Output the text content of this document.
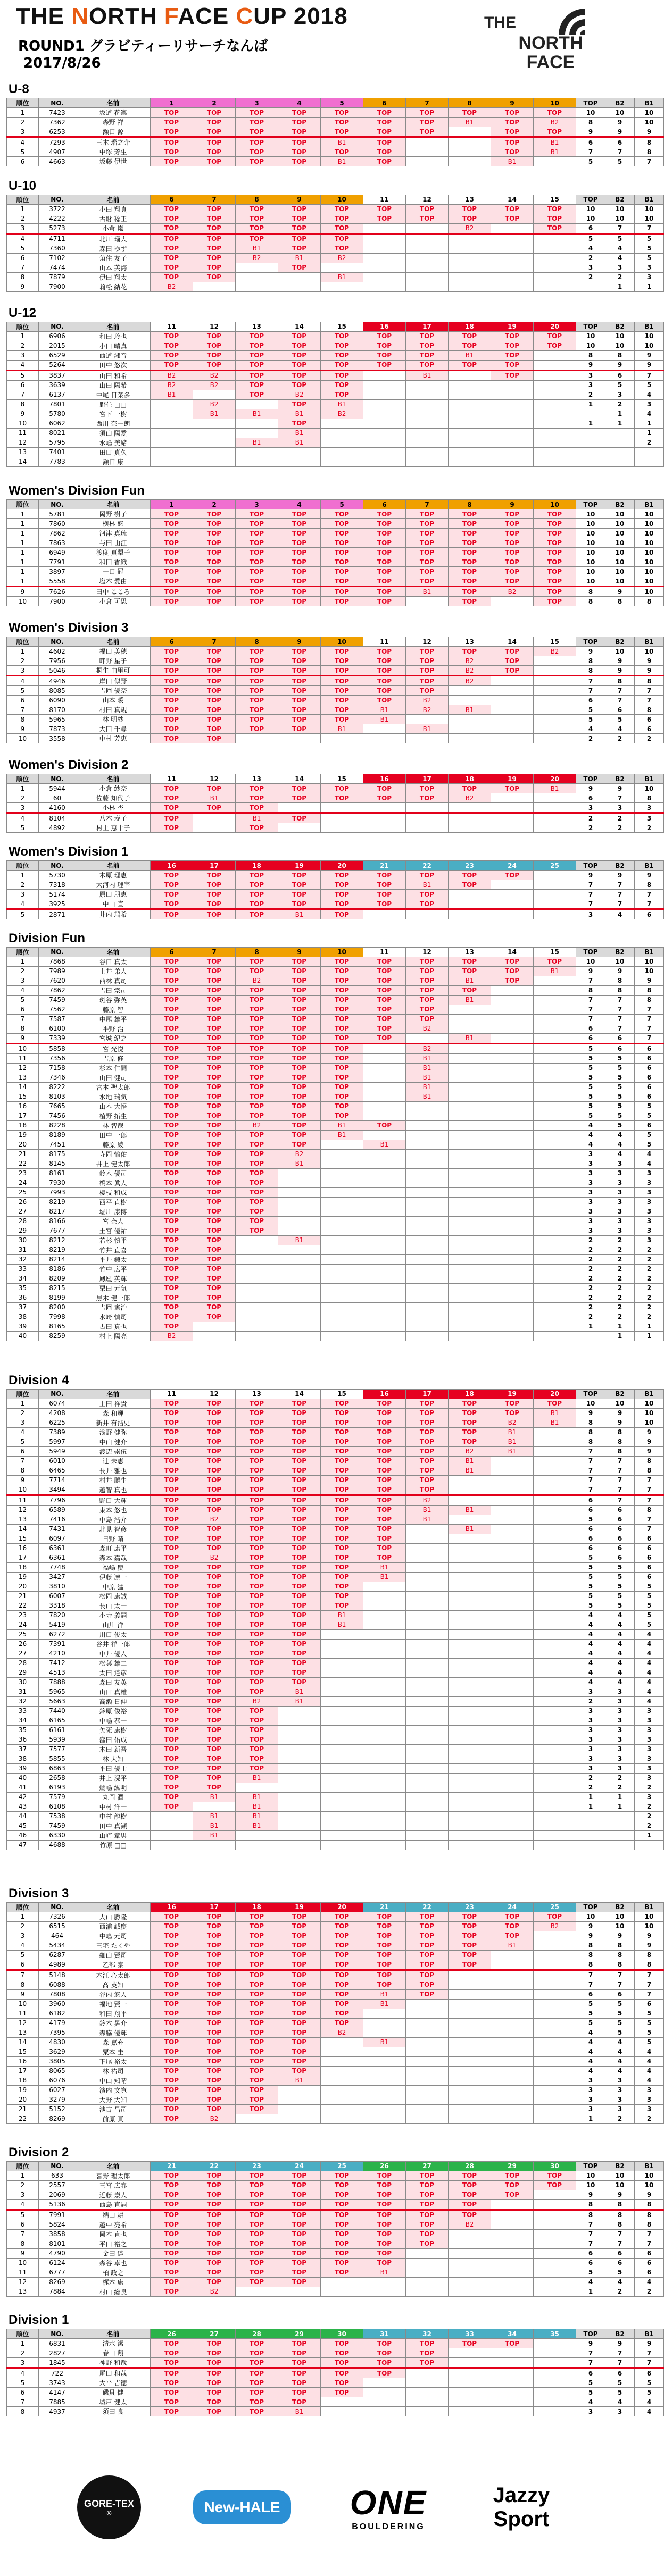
THE NORTH FACE CUP 2018
ROUND1 グラビティーリサーチなんば
2017/8/26
THE
NORTH
FACE
U-8
順位	NO.	名前	1	2	3	4	5	6	7	8	9	10	TOP	B2	B1
1	7423	坂道 花凜	TOP	TOP	TOP	TOP	TOP	TOP	TOP	TOP	TOP	TOP	10	10	10
2	7362	森野 祥	TOP	TOP	TOP	TOP	TOP	TOP	TOP	B1	TOP	B2	8	9	10
3	6253	瀬口 源	TOP	TOP	TOP	TOP	TOP	TOP	TOP		TOP	TOP	9	9	9
4	7293	三木 瑠之介	TOP	TOP	TOP	TOP	B1	TOP			TOP	B1	6	6	8
5	4907	中塚 芳生	TOP	TOP	TOP	TOP	TOP	TOP			TOP	B1	7	7	8
6	4663	坂藤 伊世	TOP	TOP	TOP	TOP	B1	TOP			B1		5	5	7
U-10
順位	NO.	名前	6	7	8	9	10	11	12	13	14	15	TOP	B2	B1
1	3722	小田 翔真	TOP	TOP	TOP	TOP	TOP	TOP	TOP	TOP	TOP	TOP	10	10	10
2	4222	古財 稔王	TOP	TOP	TOP	TOP	TOP	TOP	TOP	TOP	TOP	TOP	10	10	10
3	5273	小倉 嵐	TOP	TOP	TOP	TOP	TOP			B2		TOP	6	7	7
4	4711	北川 瑠大	TOP	TOP	TOP	TOP	TOP						5	5	5
5	7360	森田 ゆず	TOP	TOP	B1	TOP	TOP						4	4	5
6	7102	角住 友子	TOP	TOP	B2	B1	B2						2	4	5
7	7474	山本 芙海	TOP	TOP		TOP							3	3	3
8	7879	伊田 翔太	TOP	TOP			B1						2	2	3
9	7900	莉松 結花	B2											1	1
U-12
順位	NO.	名前	11	12	13	14	15	16	17	18	19	20	TOP	B2	B1
1	6906	和田 玲也	TOP	TOP	TOP	TOP	TOP	TOP	TOP	TOP	TOP	TOP	10	10	10
2	2015	小田 晴真	TOP	TOP	TOP	TOP	TOP	TOP	TOP	TOP	TOP	TOP	10	10	10
3	6529	西道 湘音	TOP	TOP	TOP	TOP	TOP	TOP	TOP	B1	TOP		8	8	9
4	5264	田中 悠次	TOP	TOP	TOP	TOP	TOP	TOP	TOP	TOP	TOP		9	9	9
5	3837	山田 和希	B2	B2	TOP	TOP	TOP		B1		TOP		3	6	7
6	3639	山田 陽希	B2	B2	TOP	TOP	TOP						3	5	5
7	6137	中尾 日菜多	B1		TOP	B2	TOP						2	3	4
8	7801	野住 □□		B2		TOP	B1						1	2	3
9	5780	宮下 一樹		B1	B1	B1	B2							1	4
10	6062	西川 奈一朗				TOP							1	1	1
11	8021	須山 陽愛				B1									1
12	5795	水嶋 美緒			B1	B1									2
13	7401	田口 真久													
14	7783	瀬口 康													
Women's Division Fun
順位	NO.	名前	1	2	3	4	5	6	7	8	9	10	TOP	B2	B1
1	5781	岡野 樹子	TOP	TOP	TOP	TOP	TOP	TOP	TOP	TOP	TOP	TOP	10	10	10
1	7860	横林 悠	TOP	TOP	TOP	TOP	TOP	TOP	TOP	TOP	TOP	TOP	10	10	10
1	7862	河津 真琉	TOP	TOP	TOP	TOP	TOP	TOP	TOP	TOP	TOP	TOP	10	10	10
1	7863	与田 由江	TOP	TOP	TOP	TOP	TOP	TOP	TOP	TOP	TOP	TOP	10	10	10
1	6949	渡度 真梨子	TOP	TOP	TOP	TOP	TOP	TOP	TOP	TOP	TOP	TOP	10	10	10
1	7791	和田 香織	TOP	TOP	TOP	TOP	TOP	TOP	TOP	TOP	TOP	TOP	10	10	10
1	3897	一口 冠	TOP	TOP	TOP	TOP	TOP	TOP	TOP	TOP	TOP	TOP	10	10	10
1	5558	塩木 愛由	TOP	TOP	TOP	TOP	TOP	TOP	TOP	TOP	TOP	TOP	10	10	10
9	7626	田中 こころ	TOP	TOP	TOP	TOP	TOP	TOP	B1	TOP	B2	TOP	8	9	10
10	7900	小倉 可思	TOP	TOP	TOP	TOP	TOP	TOP		TOP		TOP	8	8	8
Women's Division 3
順位	NO.	名前	6	7	8	9	10	11	12	13	14	15	TOP	B2	B1
1	4602	福田 美穂	TOP	TOP	TOP	TOP	TOP	TOP	TOP	TOP	TOP	B2	9	10	10
2	7956	畔野 星子	TOP	TOP	TOP	TOP	TOP	TOP	TOP	B2	TOP		8	9	9
3	5046	桐生 由里可	TOP	TOP	TOP	TOP	TOP	TOP	TOP	B2	TOP		8	9	9
4	4946	岸田 似野	TOP	TOP	TOP	TOP	TOP	TOP	TOP	B2			7	8	8
5	8085	吉岡 優奈	TOP	TOP	TOP	TOP	TOP	TOP	TOP				7	7	7
6	6090	山本 暖	TOP	TOP	TOP	TOP	TOP	TOP	B2				6	7	7
7	8170	村田 真規	TOP	TOP	TOP	TOP	TOP	B1	B2	B1			5	6	8
8	5965	林 明紗	TOP	TOP	TOP	TOP	TOP	B1					5	5	6
9	7873	大田 千尋	TOP	TOP	TOP	TOP	B1		B1				4	4	6
10	3558	中村 芳恵	TOP	TOP									2	2	2
Women's Division 2
順位	NO.	名前	11	12	13	14	15	16	17	18	19	20	TOP	B2	B1
1	5944	小倉 紗奈	TOP	TOP	TOP	TOP	TOP	TOP	TOP	TOP	TOP	B1	9	9	10
2	60	佐藤 知代子	TOP	B1	TOP	TOP	TOP	TOP	TOP	B2			6	7	8
3	4160	小林 杏	TOP	TOP	TOP								3	3	3
4	8104	八木 寿子	TOP		B1	TOP							2	2	3
5	4892	村上 恵十子	TOP		TOP								2	2	2
Women's Division 1
順位	NO.	名前	16	17	18	19	20	21	22	23	24	25	TOP	B2	B1
1	5730	木原 理恵	TOP	TOP	TOP	TOP	TOP	TOP	TOP	TOP	TOP		9	9	9
2	7318	大河内 理宰	TOP	TOP	TOP	TOP	TOP	TOP	B1	TOP			7	7	8
3	5174	原田 朋恵	TOP	TOP	TOP	TOP	TOP	TOP	TOP				7	7	7
4	3925	中山 直	TOP	TOP	TOP	TOP	TOP	TOP	TOP				7	7	7
5	2871	井内 瑞希	TOP	TOP	TOP	B1	TOP						3	4	6
Division Fun
順位	NO.	名前	6	7	8	9	10	11	12	13	14	15	TOP	B2	B1
1	7868	谷口 真太	TOP	TOP	TOP	TOP	TOP	TOP	TOP	TOP	TOP	TOP	10	10	10
2	7989	上井 弟人	TOP	TOP	TOP	TOP	TOP	TOP	TOP	TOP	TOP	B1	9	9	10
3	7620	西林 真司	TOP	TOP	B2	TOP	TOP	TOP	TOP	B1	TOP		7	8	9
4	7862	吉田 宗司	TOP	TOP	TOP	TOP	TOP	TOP	TOP	TOP			8	8	8
5	7459	斑谷 弥英	TOP	TOP	TOP	TOP	TOP	TOP	TOP	B1			7	7	8
6	7562	藤原 智	TOP	TOP	TOP	TOP	TOP	TOP	TOP				7	7	7
7	7587	中尾 雄平	TOP	TOP	TOP	TOP	TOP	TOP	TOP				7	7	7
8	6100	平野 治	TOP	TOP	TOP	TOP	TOP	TOP	B2				6	7	7
9	7339	宮城 紀之	TOP	TOP	TOP	TOP	TOP	TOP		B1			6	6	7
10	5858	宮 光悦	TOP	TOP	TOP	TOP	TOP		B2				5	6	6
11	7356	吉原 修	TOP	TOP	TOP	TOP	TOP		B1				5	5	6
12	7158	杉本 仁嗣	TOP	TOP	TOP	TOP	TOP		B1				5	5	6
13	7346	山田 健司	TOP	TOP	TOP	TOP	TOP		B1				5	5	6
14	8222	宮本 聖太郎	TOP	TOP	TOP	TOP	TOP		B1				5	5	6
15	8103	水地 瑞気	TOP	TOP	TOP	TOP	TOP		B1				5	5	6
16	7665	山本 大悟	TOP	TOP	TOP	TOP	TOP						5	5	5
17	7456	植野 拓生	TOP	TOP	TOP	TOP	TOP						5	5	5
18	8228	林 智哉	TOP	TOP	B2	TOP	B1	TOP					4	5	6
19	8189	田中 一郎	TOP	TOP	TOP	TOP	B1						4	4	5
20	7451	藤原 綾	TOP	TOP	TOP	TOP		B1					4	4	5
21	8175	寺岡 愉佑	TOP	TOP	TOP	B2							3	4	4
22	8145	井上 健太郎	TOP	TOP	TOP	B1							3	3	4
23	8161	鈴木 優司	TOP	TOP	TOP								3	3	3
24	7930	橋本 眞人	TOP	TOP	TOP								3	3	3
25	7993	櫻枝 和成	TOP	TOP	TOP								3	3	3
26	8219	西平 直樹	TOP	TOP	TOP								3	3	3
27	8217	堀川 康博	TOP	TOP	TOP								3	3	3
28	8166	宮 奈人	TOP	TOP	TOP								3	3	3
29	7677	土宮 優祐	TOP	TOP	TOP								3	3	3
30	8212	若杉 慎平	TOP	TOP		B1							2	2	3
31	8219	竹井 直喜	TOP	TOP									2	2	2
32	8214	平井 鍛太	TOP	TOP									2	2	2
33	8186	竹中 広平	TOP	TOP									2	2	2
34	8209	鳳凰 英輝	TOP	TOP									2	2	2
35	8215	栗田 元気	TOP	TOP									2	2	2
36	8199	黒木 健一郎	TOP	TOP									2	2	2
37	8200	吉岡 憲治	TOP	TOP									2	2	2
38	7998	水崎 慎司	TOP	TOP									2	2	2
39	8165	古田 真也	TOP										1	1	1
40	8259	村上 陽亮	B2											1	1
Division 4
順位	NO.	名前	11	12	13	14	15	16	17	18	19	20	TOP	B2	B1
1	6074	上田 祥貴	TOP	TOP	TOP	TOP	TOP	TOP	TOP	TOP	TOP	TOP	10	10	10
2	4208	森 和輝	TOP	TOP	TOP	TOP	TOP	TOP	TOP	TOP	TOP	B1	9	9	10
3	6225	新井 有浩史	TOP	TOP	TOP	TOP	TOP	TOP	TOP	TOP	B2	B1	8	9	10
4	7389	浅野 健弥	TOP	TOP	TOP	TOP	TOP	TOP	TOP	TOP	B1		8	8	9
5	5997	中山 健介	TOP	TOP	TOP	TOP	TOP	TOP	TOP	TOP	B1		8	8	9
6	5949	渡辺 崇伍	TOP	TOP	TOP	TOP	TOP	TOP	TOP	B2	B1		7	8	9
7	6010	辻 未恵	TOP	TOP	TOP	TOP	TOP	TOP	TOP	B1			7	7	8
8	6465	長井 雅也	TOP	TOP	TOP	TOP	TOP	TOP	TOP	B1			7	7	8
9	7714	村井 勝生	TOP	TOP	TOP	TOP	TOP	TOP	TOP				7	7	7
10	3494	越智 真也	TOP	TOP	TOP	TOP	TOP	TOP	TOP				7	7	7
11	7796	野口 大輝	TOP	TOP	TOP	TOP	TOP	TOP	B2				6	7	7
12	6589	東本 悠也	TOP	TOP	TOP	TOP	TOP	TOP	B1	B1			6	6	8
13	7416	中島 浩介	TOP	B2	TOP	TOP	TOP	TOP	B1				5	6	7
14	7431	北見 智彦	TOP	TOP	TOP	TOP	TOP	TOP		B1			6	6	7
15	6097	日野 晴	TOP	TOP	TOP	TOP	TOP	TOP					6	6	6
16	6361	森町 康平	TOP	TOP	TOP	TOP	TOP	TOP					6	6	6
17	6361	森本 嘉哉	TOP	B2	TOP	TOP	TOP	TOP					5	6	6
18	7748	福嶋 慶	TOP	TOP	TOP	TOP	TOP	B1					5	5	6
19	3427	伊藤 凛一	TOP	TOP	TOP	TOP	TOP	B1					5	5	6
20	3810	中原 猛	TOP	TOP	TOP	TOP	TOP						5	5	5
21	6007	松岡 康誠	TOP	TOP	TOP	TOP	TOP						5	5	5
22	3318	長山 太一	TOP	TOP	TOP	TOP	TOP						5	5	5
23	7820	小寺 義嗣	TOP	TOP	TOP	TOP	B1						4	4	5
24	5419	山川 洋	TOP	TOP	TOP	TOP	B1						4	4	5
25	6272	川口 俊太	TOP	TOP	TOP	TOP							4	4	4
26	7391	谷井 祥一郎	TOP	TOP	TOP	TOP							4	4	4
27	4210	中井 優人	TOP	TOP	TOP	TOP							4	4	4
28	7412	松葉 雄二	TOP	TOP	TOP	TOP							4	4	4
29	4513	太田 達彦	TOP	TOP	TOP	TOP							4	4	4
30	7888	森田 友英	TOP	TOP	TOP	TOP							4	4	4
31	5965	山口 真雄	TOP	TOP	TOP	B1							3	3	4
32	5663	高瀬 日伸	TOP	TOP	B2	B1							2	3	4
33	7440	鈴原 俊裕	TOP	TOP	TOP								3	3	3
34	6165	中嶋 恭一	TOP	TOP	TOP								3	3	3
35	6161	矢死 康樹	TOP	TOP	TOP								3	3	3
36	5939	窪田 佑成	TOP	TOP	TOP								3	3	3
37	7577	木田 新吾	TOP	TOP	TOP								3	3	3
38	5855	林 大知	TOP	TOP	TOP								3	3	3
39	6863	平田 優士	TOP	TOP	TOP								3	3	3
40	2658	井上 滉平	TOP	TOP	B1								2	2	3
41	6193	燗嶋 紘明	TOP	TOP									2	2	2
42	7579	丸岡 潤	TOP	B1	B1								1	1	3
43	6108	中村 洋一	TOP		B1								1	1	2
44	7538	中村 龍樹		B1	B1										2
45	7459	田中 真瀬		B1	B1										2
46	6330	山崎 章男		B1											1
47	4688	竹原 □□													
Division 3
順位	NO.	名前	16	17	18	19	20	21	22	23	24	25	TOP	B2	B1
1	7326	大山 勝隆	TOP	TOP	TOP	TOP	TOP	TOP	TOP	TOP	TOP	TOP	10	10	10
2	6515	西浦 誠慶	TOP	TOP	TOP	TOP	TOP	TOP	TOP	TOP	TOP	B2	9	10	10
3	464	中嶋 元司	TOP	TOP	TOP	TOP	TOP	TOP	TOP	TOP	TOP		9	9	9
4	5434	三宅 たくや	TOP	TOP	TOP	TOP	TOP	TOP	TOP	TOP	B1		8	8	9
5	6287	細山 賢司	TOP	TOP	TOP	TOP	TOP	TOP	TOP	TOP			8	8	8
6	4989	乙部 泰	TOP	TOP	TOP	TOP	TOP	TOP	TOP	TOP			8	8	8
7	5148	木江 心太郎	TOP	TOP	TOP	TOP	TOP	TOP	TOP				7	7	7
8	6088	髙 英知	TOP	TOP	TOP	TOP	TOP	TOP	TOP				7	7	7
9	7808	谷内 悠人	TOP	TOP	TOP	TOP	TOP	B1	TOP				6	6	7
10	3960	福地 賢一	TOP	TOP	TOP	TOP	TOP	B1					5	5	6
11	6182	和田 翔平	TOP	TOP	TOP	TOP	TOP						5	5	5
12	4179	鈴木 晃介	TOP	TOP	TOP	TOP	TOP						5	5	5
13	7395	森脇 優輝	TOP	TOP	TOP	TOP	B2						4	5	5
14	4830	森 嘉充	TOP	TOP	TOP	TOP		B1					4	4	5
15	3629	粟本 圭	TOP	TOP	TOP	TOP							4	4	4
16	3805	下尾 裕太	TOP	TOP	TOP	TOP							4	4	4
17	8065	林 祐司	TOP	TOP	TOP	TOP							4	4	4
18	6076	中山 知晴	TOP	TOP	TOP	B1							3	3	4
19	6027	濱内 文寛	TOP	TOP	TOP								3	3	3
20	3279	大野 大知	TOP	TOP	TOP								3	3	3
21	5152	池古 昌司	TOP	TOP	TOP								3	3	3
22	8269	前原 頁	TOP	B2									1	2	2
Division 2
順位	NO.	名前	21	22	23	24	25	26	27	28	29	30	TOP	B2	B1
1	633	喜野 理太郎	TOP	TOP	TOP	TOP	TOP	TOP	TOP	TOP	TOP	TOP	10	10	10
2	2557	三宮 広春	TOP	TOP	TOP	TOP	TOP	TOP	TOP	TOP	TOP	TOP	10	10	10
3	2069	近藤 崇人	TOP	TOP	TOP	TOP	TOP	TOP	TOP	TOP	TOP		9	9	9
4	5136	西島 直嗣	TOP	TOP	TOP	TOP	TOP	TOP	TOP	TOP			8	8	8
5	7991	端田 耕	TOP	TOP	TOP	TOP	TOP	TOP	TOP	TOP			8	8	8
6	5824	越中 亮希	TOP	TOP	TOP	TOP	TOP	TOP	TOP	B2			7	8	8
7	3858	岡本 直也	TOP	TOP	TOP	TOP	TOP	TOP	TOP				7	7	7
8	8101	平田 裕之	TOP	TOP	TOP	TOP	TOP	TOP	TOP				7	7	7
9	4790	金田 達	TOP	TOP	TOP	TOP	TOP	TOP					6	6	6
10	6124	森谷 卓也	TOP	TOP	TOP	TOP	TOP	TOP					6	6	6
11	6777	柏 政之	TOP	TOP	TOP	TOP	TOP	B1					5	5	6
12	8269	梶本 康	TOP	TOP	TOP	TOP							4	4	4
13	7884	村山 総良	TOP	B2									1	2	2
Division 1
順位	NO.	名前	26	27	28	29	30	31	32	33	34	35	TOP	B2	B1
1	6831	清水 潔	TOP	TOP	TOP	TOP	TOP	TOP	TOP	TOP	TOP		9	9	9
2	2827	春田 翔	TOP	TOP	TOP	TOP	TOP	TOP	TOP				7	7	7
3	1845	神野 和哉	TOP	TOP	TOP	TOP	TOP	TOP	TOP				7	7	7
4	722	尾田 和哉	TOP	TOP	TOP	TOP	TOP	TOP					6	6	6
5	3743	大平 吉徳	TOP	TOP	TOP	TOP	TOP						5	5	5
6	4147	磯貝 健	TOP	TOP	TOP	TOP	TOP						5	5	5
7	7885	城戸 健太	TOP	TOP	TOP	TOP							4	4	4
8	4937	須田 良	TOP	TOP	TOP	B1							3	3	4
GORE-TEX
®	New-HALE	ONE
BOULDERING
Jazzy
Sport
